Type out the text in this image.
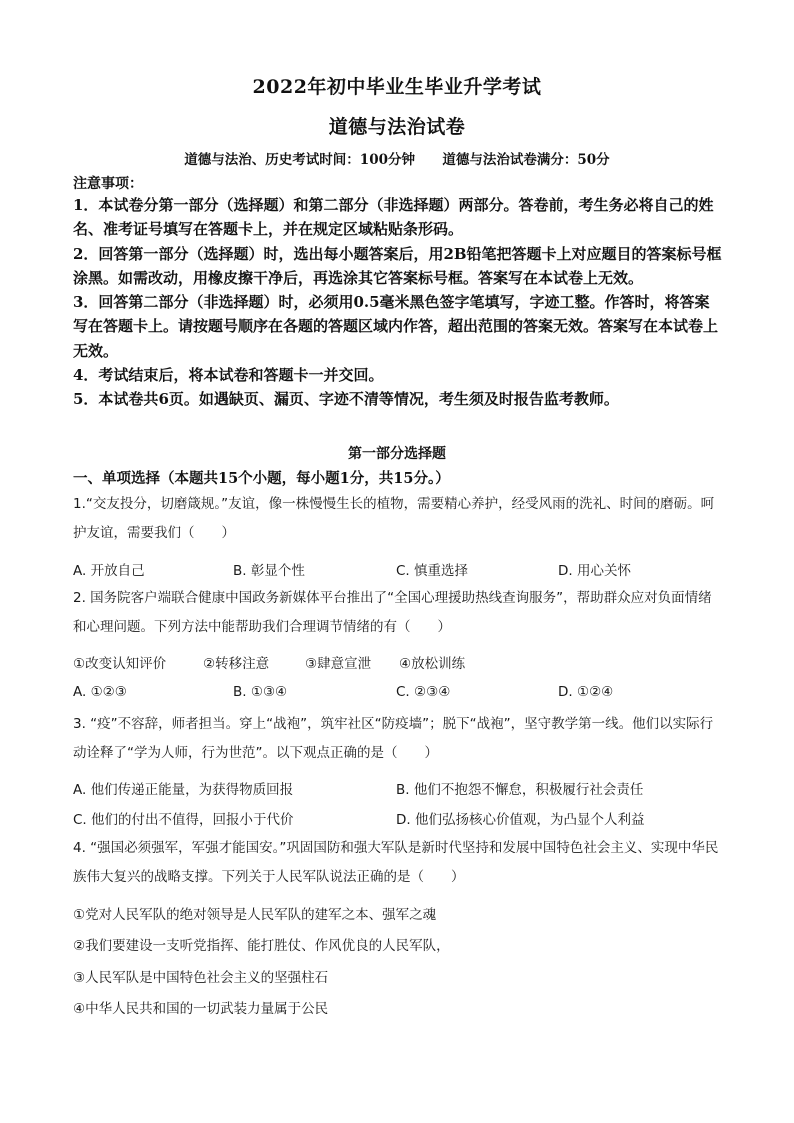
2022年初中毕业生毕业升学考试
道德与法治试卷
道德与法治、历史考试时间：100分钟 道德与法治试卷满分：50分
注意事项：

1．本试卷分第一部分（选择题）和第二部分（非选择题）两部分。答卷前，考生务必将自己的姓名、准考证号填写在答题卡上，并在规定区域粘贴条形码。

2．回答第一部分（选择题）时，选出每小题答案后，用2B铅笔把答题卡上对应题目的答案标号框涂黑。如需改动，用橡皮擦干净后，再选涂其它答案标号框。答案写在本试卷上无效。

3．回答第二部分（非选择题）时，必须用0.5毫米黑色签字笔填写，字迹工整。作答时，将答案写在答题卡上。请按题号顺序在各题的答题区域内作答，超出范围的答案无效。答案写在本试卷上无效。

4．考试结束后，将本试卷和答题卡一并交回。

5．本试卷共6页。如遇缺页、漏页、字迹不清等情况，考生须及时报告监考教师。

第一部分选择题
一、单项选择（本题共15个小题，每小题1分，共15分。）

1.“交友投分，切磨箴规。”友谊，像一株慢慢生长的植物，需要精心养护，经受风雨的洗礼、时间的磨砺。呵护友谊，需要我们（　　）

A. 开放自己	B. 彰显个性	C. 慎重选择	D. 用心关怀

2. 国务院客户端联合健康中国政务新媒体平台推出了“全国心理援助热线查询服务”，帮助群众应对负面情绪和心理问题。下列方法中能帮助我们合理调节情绪的有（　　）

①改变认知评价	②转移注意	③肆意宣泄 ④放松训练
A. ①②③	B. ①③④	C. ②③④	D. ①②④

3. “疫”不容辞，师者担当。穿上“战袍”，筑牢社区“防疫墙”；脱下“战袍”，坚守教学第一线。他们以实际行动诠释了“学为人师，行为世范”。以下观点正确的是（　　）

A. 他们传递正能量，为获得物质回报	B. 他们不抱怨不懈怠，积极履行社会责任
C. 他们的付出不值得，回报小于代价	D. 他们弘扬核心价值观，为凸显个人利益

4. “强国必须强军，军强才能国安。”巩固国防和强大军队是新时代坚持和发展中国特色社会主义、实现中华民族伟大复兴的战略支撑。下列关于人民军队说法正确的是（　　）

①党对人民军队的绝对领导是人民军队的建军之本、强军之魂
②我们要建设一支听党指挥、能打胜仗、作风优良的人民军队，
③人民军队是中国特色社会主义的坚强柱石
④中华人民共和国的一切武装力量属于公民
